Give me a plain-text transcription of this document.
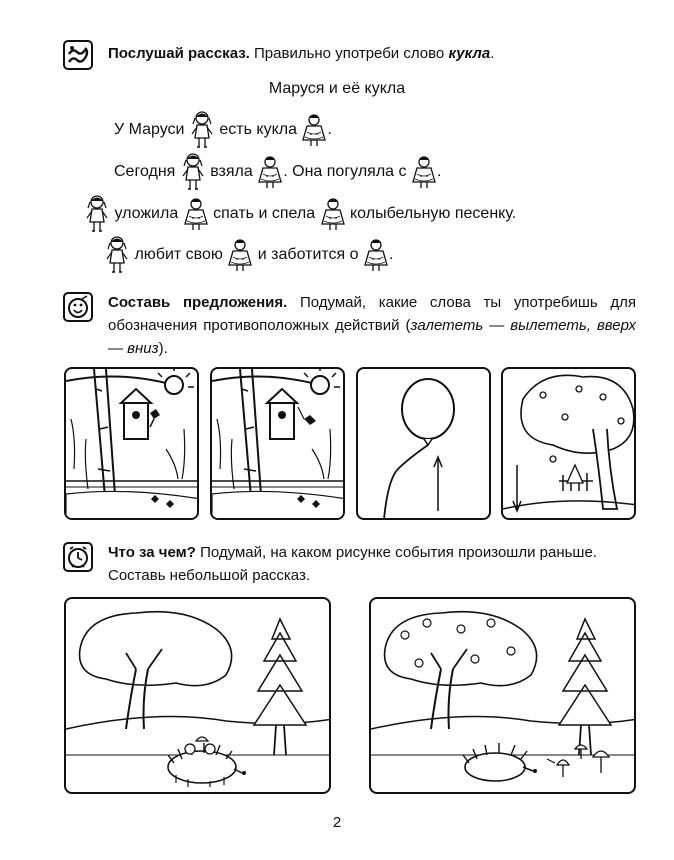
Послушай рассказ. Правильно употреби слово кукла.
Маруся и её кукла
У Маруси есть кукла .
Сегодня взяла . Она погуляла с .
уложила спать и спела колыбельную песенку.
любит свою и заботится о .
Составь предложения. Подумай, какие слова ты употребишь для обозначения противоположных действий (залететь — вылететь, вверх — вниз).
Что за чем? Подумай, на каком рисунке события произошли раньше. Составь небольшой рассказ.
2
